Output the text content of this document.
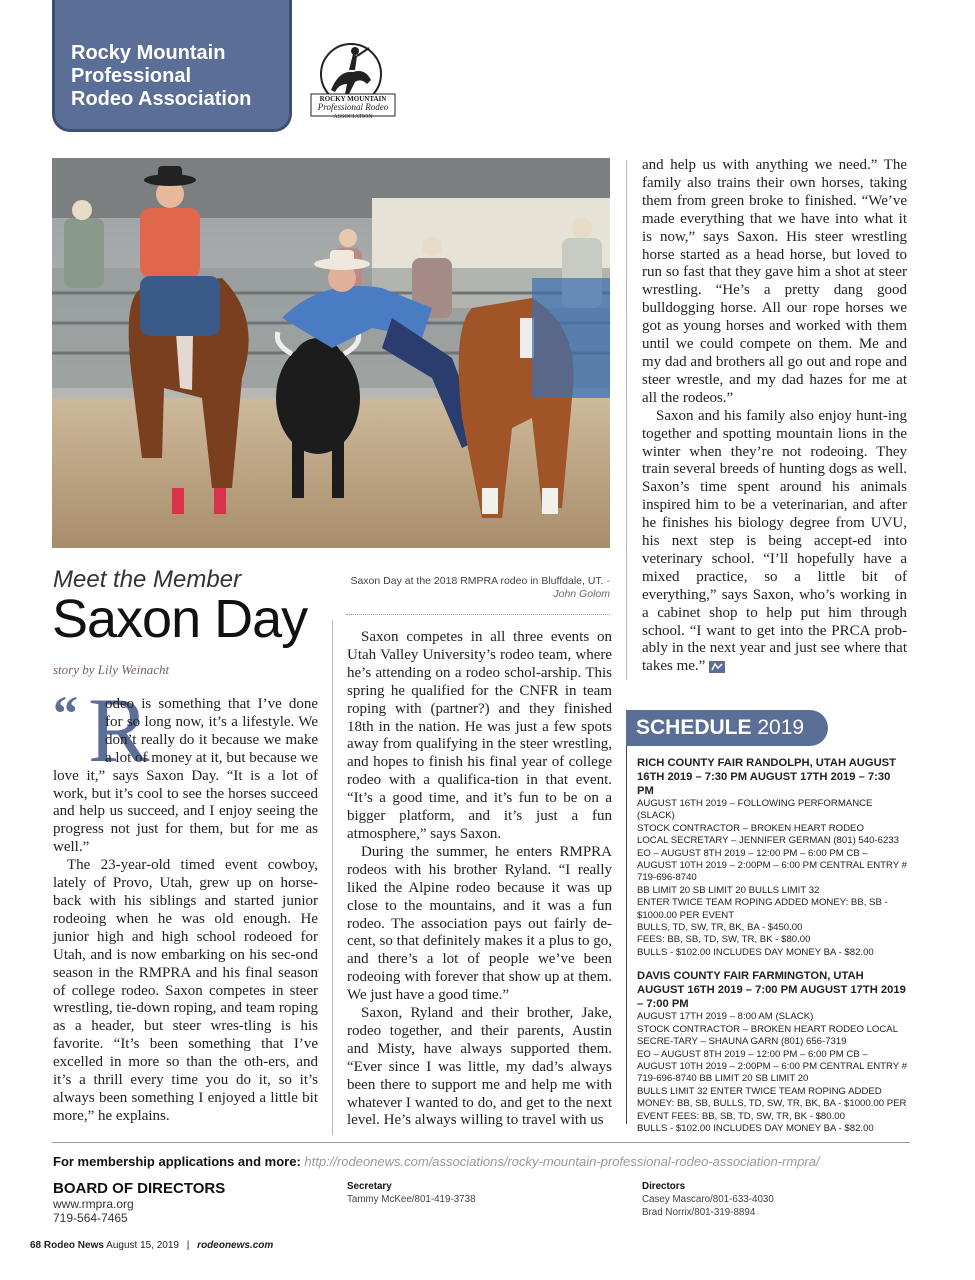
Rocky Mountain
Professional
Rodeo Association	ROCKY MOUNTAIN
Professional Rodeo
ASSOCIATION
Meet the Member
Saxon Day
story by Lily Weinacht
Saxon Day at the 2018 RMPRA rodeo in Bluffdale, UT. - John Golom
“ R

odeo is something that I’ve done for so long now, it’s a lifestyle. We don’t really do it because we make a lot of money at it, but because we love it,” says Saxon Day. “It is a lot of work, but it’s cool to see the horses succeed and help us succeed, and I enjoy seeing the progress not just for them, but for me as well.”

The 23-year-old timed event cowboy, lately of Provo, Utah, grew up on horse-back with his siblings and started junior rodeoing when he was old enough. He junior high and high school rodeoed for Utah, and is now embarking on his sec-ond season in the RMPRA and his final season of college rodeo. Saxon competes in steer wrestling, tie-down roping, and team roping as a header, but steer wres-tling is his favorite. “It’s been something that I’ve excelled in more so than the oth-ers, and it’s a thrill every time you do it, so it’s always been something I enjoyed a little bit more,” he explains.

Saxon competes in all three events on Utah Valley University’s rodeo team, where he’s attending on a rodeo schol-arship. This spring he qualified for the CNFR in team roping with (partner?) and they finished 18th in the nation. He was just a few spots away from qualifying in the steer wrestling, and hopes to finish his final year of college rodeo with a qualifica-tion in that event. “It’s a good time, and it’s fun to be on a bigger platform, and it’s just a fun atmosphere,” says Saxon.

During the summer, he enters RMPRA rodeos with his brother Ryland. “I really liked the Alpine rodeo because it was up close to the mountains, and it was a fun rodeo. The association pays out fairly de-cent, so that definitely makes it a plus to go, and there’s a lot of people we’ve been rodeoing with forever that show up at them. We just have a good time.”

Saxon, Ryland and their brother, Jake, rodeo together, and their parents, Austin and Misty, have always supported them. “Ever since I was little, my dad’s always been there to support me and help me with whatever I wanted to do, and get to the next level. He’s always willing to travel with us

and help us with anything we need.” The family also trains their own horses, taking them from green broke to finished. “We’ve made everything that we have into what it is now,” says Saxon. His steer wrestling horse started as a head horse, but loved to run so fast that they gave him a shot at steer wrestling. “He’s a pretty dang good bulldogging horse. All our rope horses we got as young horses and worked with them until we could compete on them. Me and my dad and brothers all go out and rope and steer wrestle, and my dad hazes for me at all the rodeos.”

Saxon and his family also enjoy hunt-ing together and spotting mountain lions in the winter when they’re not rodeoing. They train several breeds of hunting dogs as well. Saxon’s time spent around his animals inspired him to be a veterinarian, and after he finishes his biology degree from UVU, his next step is being accept-ed into veterinary school. “I’ll hopefully have a mixed practice, so a little bit of everything,” says Saxon, who’s working in a cabinet shop to help put him through school. “I want to get into the PRCA prob-ably in the next year and just see where that takes me.”

SCHEDULE 2019
RICH COUNTY FAIR RANDOLPH, UTAH AUGUST 16TH 2019 – 7:30 PM AUGUST 17TH 2019 – 7:30 PM
AUGUST 16TH 2019 – FOLLOWING PERFORMANCE (SLACK)
STOCK CONTRACTOR – BROKEN HEART RODEO
LOCAL SECRETARY – JENNIFER GERMAN (801) 540-6233
EO – AUGUST 8TH 2019 – 12:00 PM – 6:00 PM CB – AUGUST 10TH 2019 – 2:00PM – 6:00 PM CENTRAL ENTRY # 719-696-8740
BB LIMIT 20 SB LIMIT 20 BULLS LIMIT 32
ENTER TWICE TEAM ROPING ADDED MONEY: BB, SB - $1000.00 PER EVENT
BULLS, TD, SW, TR, BK, BA - $450.00
FEES: BB, SB, TD, SW, TR, BK - $80.00
BULLS - $102.00 INCLUDES DAY MONEY BA - $82.00
DAVIS COUNTY FAIR FARMINGTON, UTAH AUGUST 16TH 2019 – 7:00 PM AUGUST 17TH 2019 – 7:00 PM
AUGUST 17TH 2019 – 8:00 AM (SLACK)
STOCK CONTRACTOR – BROKEN HEART RODEO LOCAL SECRE-TARY – SHAUNA GARN (801) 656-7319
EO – AUGUST 8TH 2019 – 12:00 PM – 6:00 PM CB – AUGUST 10TH 2019 – 2:00PM – 6:00 PM CENTRAL ENTRY # 719-696-8740 BB LIMIT 20 SB LIMIT 20
BULLS LIMIT 32 ENTER TWICE TEAM ROPING ADDED MONEY: BB, SB, BULLS, TD, SW, TR, BK, BA - $1000.00 PER EVENT FEES: BB, SB, TD, SW, TR, BK - $80.00
BULLS - $102.00 INCLUDES DAY MONEY BA - $82.00
For membership applications and more: http://rodeonews.com/associations/rocky-mountain-professional-rodeo-association-rmpra/
BOARD OF DIRECTORS
www.rmpra.org
719-564-7465
Secretary
Tammy McKee/801-419-3738
Directors
Casey Mascaro/801-633-4030
Brad Norrix/801-319-8894
68 Rodeo News August 15, 2019 | rodeonews.com
